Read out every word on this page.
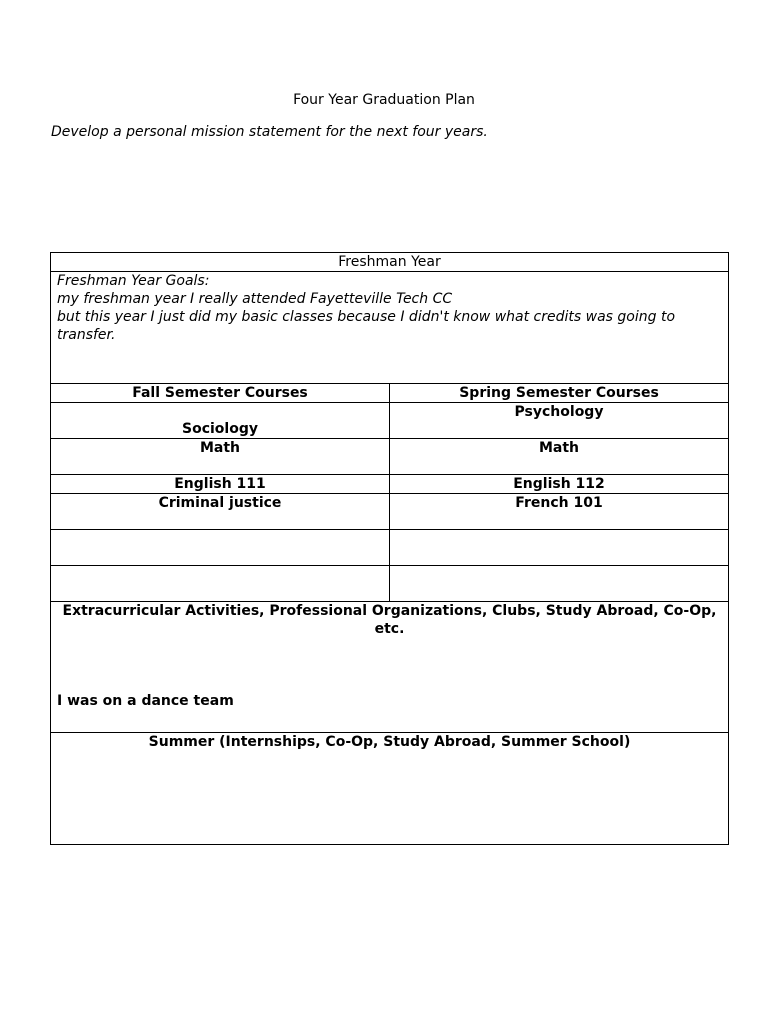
Four Year Graduation Plan
Develop a personal mission statement for the next four years.
Freshman Year	

Freshman Year Goals:
my freshman year I really attended Fayetteville Tech CC
but this year I just did my basic classes because I didn't know what credits was going to transfer.	

Fall Semester Courses	Spring Semester Courses
Sociology	Psychology
Math	Math
English 111	English 112
Criminal justice	French 101

Extracurricular Activities, Professional Organizations, Clubs, Study Abroad, Co-Op, etc.
I was on a dance team	

Summer (Internships, Co-Op, Study Abroad, Summer School)	
